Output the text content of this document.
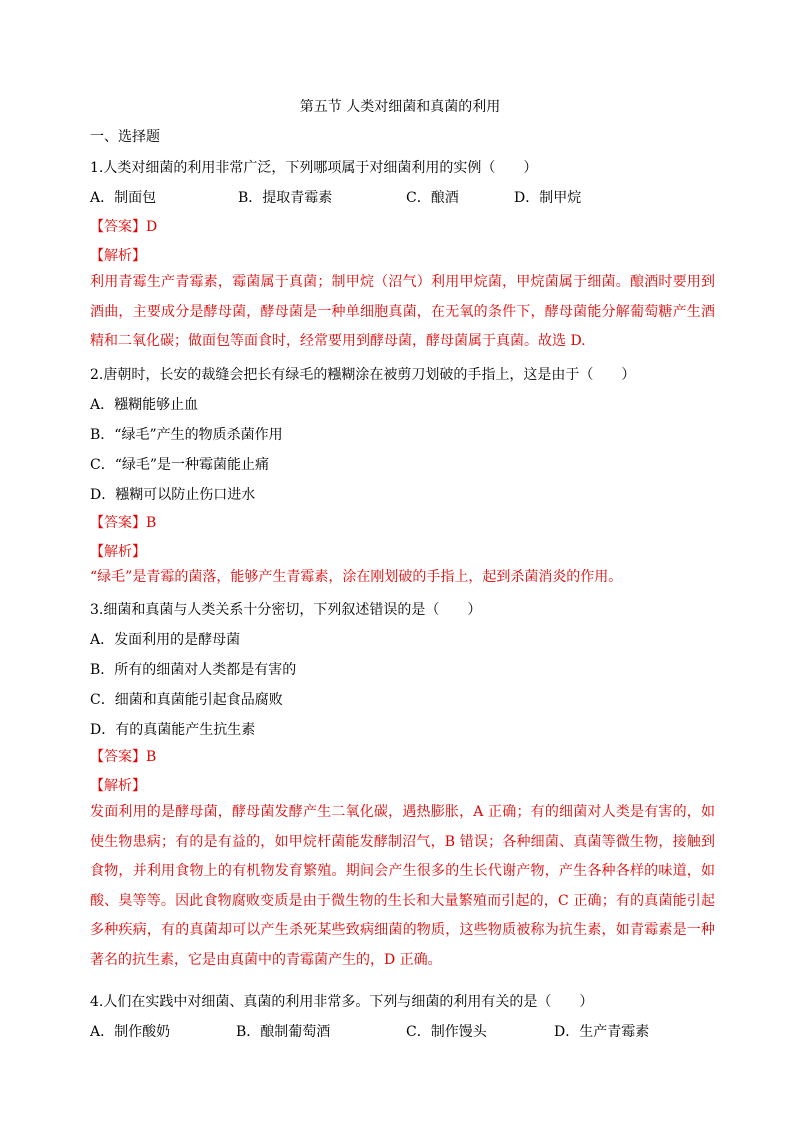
第五节 人类对细菌和真菌的利用
一、选择题
1.人类对细菌的利用非常广泛，下列哪项属于对细菌利用的实例（　　）
A．制面包	B．提取青霉素	C．酿酒	D．制甲烷
【答案】D
【解析】

利用青霉生产青霉素，霉菌属于真菌；制甲烷（沼气）利用甲烷菌，甲烷菌属于细菌。酿酒时要用到酒曲，主要成分是酵母菌，酵母菌是一种单细胞真菌，在无氧的条件下，酵母菌能分解葡萄糖产生酒精和二氧化碳；做面包等面食时，经常要用到酵母菌，酵母菌属于真菌。故选 D.

2.唐朝时，长安的裁缝会把长有绿毛的糨糊涂在被剪刀划破的手指上，这是由于（　　）
A．糨糊能够止血
B．“绿毛”产生的物质杀菌作用
C．“绿毛”是一种霉菌能止痛
D．糨糊可以防止伤口进水
【答案】B
【解析】

“绿毛”是青霉的菌落，能够产生青霉素，涂在刚划破的手指上，起到杀菌消炎的作用。

3.细菌和真菌与人类关系十分密切，下列叙述错误的是（　　）
A．发面利用的是酵母菌
B．所有的细菌对人类都是有害的
C．细菌和真菌能引起食品腐败
D．有的真菌能产生抗生素
【答案】B
【解析】

发面利用的是酵母菌，酵母菌发酵产生二氧化碳，遇热膨胀，A 正确；有的细菌对人类是有害的，如使生物患病；有的是有益的，如甲烷杆菌能发酵制沼气，B 错误；各种细菌、真菌等微生物，接触到食物，并利用食物上的有机物发育繁殖。期间会产生很多的生长代谢产物，产生各种各样的味道，如酸、臭等等。因此食物腐败变质是由于微生物的生长和大量繁殖而引起的，C 正确；有的真菌能引起多种疾病，有的真菌却可以产生杀死某些致病细菌的物质，这些物质被称为抗生素，如青霉素是一种著名的抗生素，它是由真菌中的青霉菌产生的，D 正确。

4.人们在实践中对细菌、真菌的利用非常多。下列与细菌的利用有关的是（　　）
A．制作酸奶	B．酿制葡萄酒	C．制作馒头	D．生产青霉素
